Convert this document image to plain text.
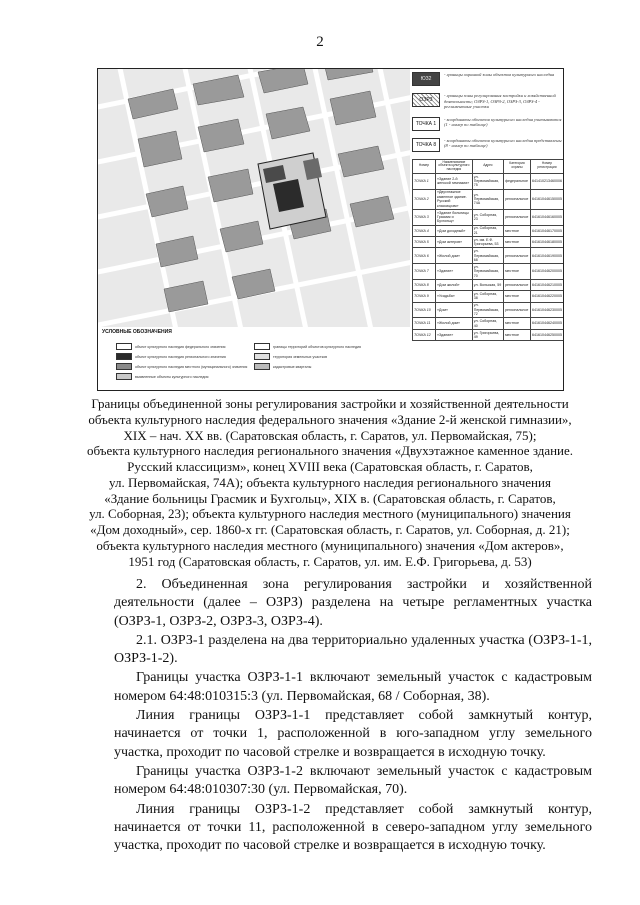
2
ЮЗ2
- границы охранной зоны объектов культурного наследия
ОЗРЗ
- границы зоны регулирования застройки и хозяйственной деятельности; ОЗРЗ-1, ОЗРЗ-2, ОЗРЗ-3, ОЗРЗ-4 - регламентные участки
ТОЧКА 1
- координаты объектов культурного наследия учитываются (1 - номер по таблице)
ТОЧКА 8
- координаты объектов культурного наследия представлены (8 - номер по таблице)
Номер	Наименование объекта культурного наследия	Адрес	Категория охраны	Номер регистрации
ТОЧКА 1	«Здание 2-й женской гимназии»	ул. Первомайская, 75	федеральное	641410213460006
ТОЧКА 2	«Двухэтажное каменное здание. Русский классицизм»	ул. Первомайская, 74А	региональное	641610446150005
ТОЧКА 3	«Здание больницы Грасмик и Бухгольц»	ул. Соборная, 23	региональное	641610446160005
ТОЧКА 4	«Дом доходный»	ул. Соборная, 21	местное	641610446170005
ТОЧКА 5	«Дом актеров»	ул. им. Е.Ф. Григорьева, 53	местное	641610446180005
ТОЧКА 6	«Жилой дом»	ул. Первомайская, 68	региональное	641610446190005
ТОЧКА 7	«Здание»	ул. Первомайская, 70	местное	641610446200005
ТОЧКА 8	«Дом жилой»	ул. Вольская, 59	региональное	641610446210005
ТОЧКА 9	«Усадьба»	ул. Соборная, 38	местное	641610446220005
ТОЧКА 10	«Дом»	ул. Первомайская, 72	региональное	641610446230005
ТОЧКА 11	«Жилой дом»	ул. Соборная, 40	местное	641610446240005
ТОЧКА 12	«Здание»	ул. Григорьева, 49	местное	641610446250005
УСЛОВНЫЕ ОБОЗНАЧЕНИЯ
объект культурного наследия федерального значения
объект культурного наследия регионального значения
объект культурного наследия местного (муниципального) значения
выявленные объекты культурного наследия
границы территорий объектов культурного наследия
территория земельных участков
кадастровые кварталы

Границы объединенной зоны регулирования застройки и хозяйственной деятельности

объекта культурного наследия федерального значения «Здание 2-й женской гимназии»,

XIX – нач. XX вв. (Саратовская область, г. Саратов, ул. Первомайская, 75);

объекта культурного наследия регионального значения «Двухэтажное каменное здание.

Русский классицизм», конец XVIII века (Саратовская область, г. Саратов,

ул. Первомайская, 74А); объекта культурного наследия регионального значения

«Здание больницы Грасмик и Бухгольц», XIX в. (Саратовская область, г. Саратов,

ул. Соборная, 23); объекта культурного наследия местного (муниципального) значения

«Дом доходный», сер. 1860-х гг. (Саратовская область, г. Саратов, ул. Соборная, д. 21);

объекта культурного наследия местного (муниципального) значения «Дом актеров»,

1951 год (Саратовская область, г. Саратов, ул. им. Е.Ф. Григорьева, д. 53)

2. Объединенная зона регулирования застройки и хозяйственной деятельности (далее – ОЗРЗ) разделена на четыре регламентных участка (ОЗРЗ-1, ОЗРЗ-2, ОЗРЗ-3, ОЗРЗ-4).

2.1. ОЗРЗ-1 разделена на два территориально удаленных участка (ОЗРЗ-1-1, ОЗРЗ-1-2).

Границы участка ОЗРЗ-1-1 включают земельный участок с кадастровым номером 64:48:010315:3 (ул. Первомайская, 68 / Соборная, 38).

Линия границы ОЗРЗ-1-1 представляет собой замкнутый контур, начинается от точки 1, расположенной в юго-западном углу земельного участка, проходит по часовой стрелке и возвращается в исходную точку.

Границы участка ОЗРЗ-1-2 включают земельный участок с кадастровым номером 64:48:010307:30 (ул. Первомайская, 70).

Линия границы ОЗРЗ-1-2 представляет собой замкнутый контур, начинается от точки 11, расположенной в северо-западном углу земельного участка, проходит по часовой стрелке и возвращается в исходную точку.
